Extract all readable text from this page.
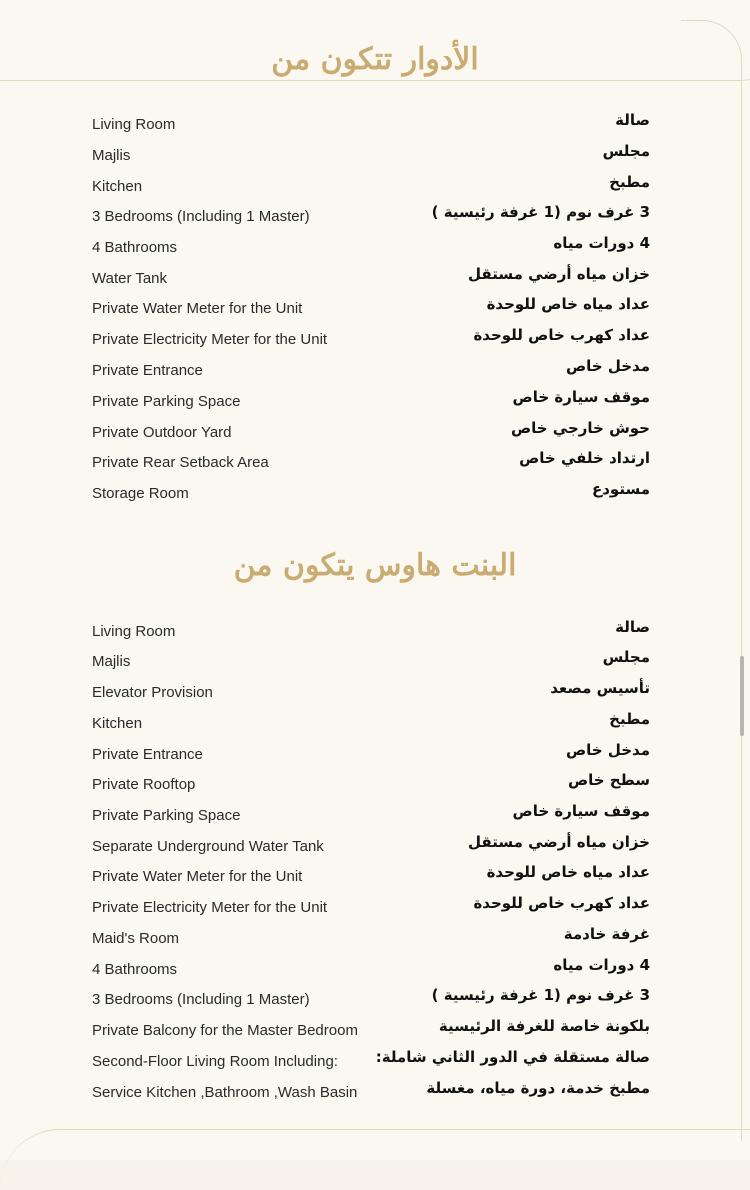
الأدوار تتكون من
Living Room	صالة
Majlis	مجلس
Kitchen	مطبخ
3 Bedrooms (Including 1 Master)	3 غرف نوم (1 غرفة رئيسية )
4 Bathrooms	4 دورات مياه
Water Tank	خزان مياه أرضي مستقل
Private Water Meter for the Unit	عداد مياه خاص للوحدة
Private Electricity Meter for the Unit	عداد كهرب خاص للوحدة
Private Entrance	مدخل خاص
Private Parking Space	موقف سيارة خاص
Private Outdoor Yard	حوش خارجي خاص
Private Rear Setback Area	ارتداد خلفي خاص
Storage Room	مستودع
البنت هاوس يتكون من
Living Room	صالة
Majlis	مجلس
Elevator Provision	تأسيس مصعد
Kitchen	مطبخ
Private Entrance	مدخل خاص
Private Rooftop	سطح خاص
Private Parking Space	موقف سيارة خاص
Separate Underground Water Tank	خزان مياه أرضي مستقل
Private Water Meter for the Unit	عداد مياه خاص للوحدة
Private Electricity Meter for the Unit	عداد كهرب خاص للوحدة
Maid's Room	غرفة خادمة
4 Bathrooms	4 دورات مياه
3 Bedrooms (Including 1 Master)	3 غرف نوم (1 غرفة رئيسية )
Private Balcony for the Master Bedroom	بلكونة خاصة للغرفة الرئيسية
Second-Floor Living Room Including:	صالة مستقلة في الدور الثاني شاملة:
Service Kitchen ,Bathroom ,Wash Basin	مطبخ خدمة، دورة مياه، مغسلة
